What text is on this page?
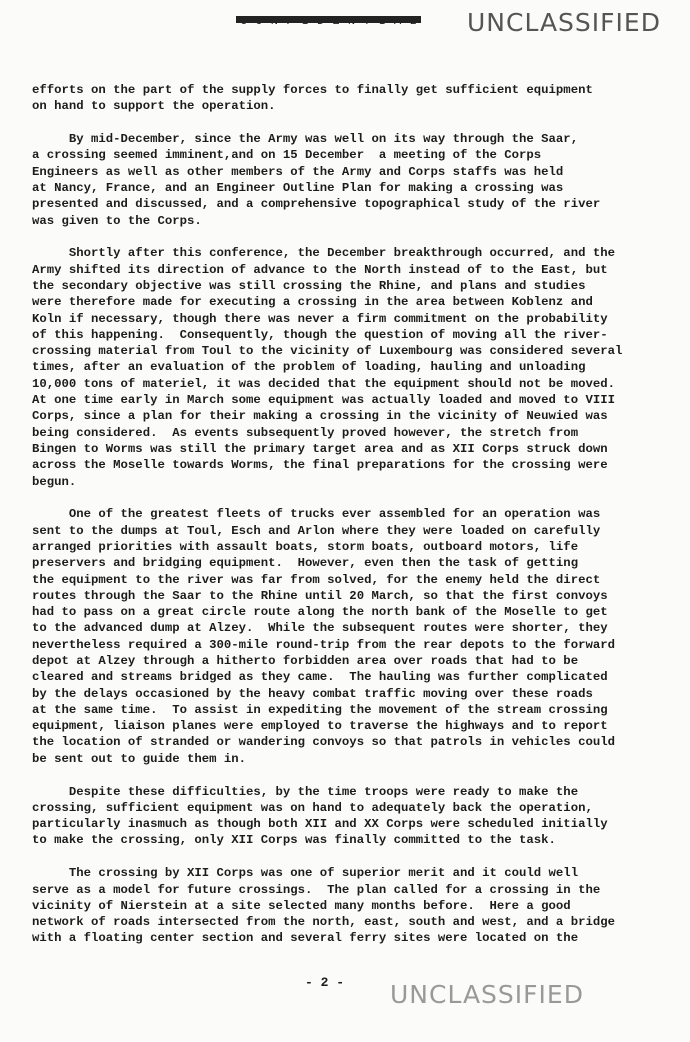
UNCLASSIFIED
efforts on the part of the supply forces to finally get sufficient equipment
on hand to support the operation.
By mid-December, since the Army was well on its way through the Saar,
a crossing seemed imminent,and on 15 December  a meeting of the Corps
Engineers as well as other members of the Army and Corps staffs was held
at Nancy, France, and an Engineer Outline Plan for making a crossing was
presented and discussed, and a comprehensive topographical study of the river
was given to the Corps.
Shortly after this conference, the December breakthrough occurred, and the
Army shifted its direction of advance to the North instead of to the East, but
the secondary objective was still crossing the Rhine, and plans and studies
were therefore made for executing a crossing in the area between Koblenz and
Koln if necessary, though there was never a firm commitment on the probability
of this happening.  Consequently, though the question of moving all the river-
crossing material from Toul to the vicinity of Luxembourg was considered several
times, after an evaluation of the problem of loading, hauling and unloading
10,000 tons of materiel, it was decided that the equipment should not be moved.
At one time early in March some equipment was actually loaded and moved to VIII
Corps, since a plan for their making a crossing in the vicinity of Neuwied was
being considered.  As events subsequently proved however, the stretch from
Bingen to Worms was still the primary target area and as XII Corps struck down
across the Moselle towards Worms, the final preparations for the crossing were
begun.
One of the greatest fleets of trucks ever assembled for an operation was
sent to the dumps at Toul, Esch and Arlon where they were loaded on carefully
arranged priorities with assault boats, storm boats, outboard motors, life
preservers and bridging equipment.  However, even then the task of getting
the equipment to the river was far from solved, for the enemy held the direct
routes through the Saar to the Rhine until 20 March, so that the first convoys
had to pass on a great circle route along the north bank of the Moselle to get
to the advanced dump at Alzey.  While the subsequent routes were shorter, they
nevertheless required a 300-mile round-trip from the rear depots to the forward
depot at Alzey through a hitherto forbidden area over roads that had to be
cleared and streams bridged as they came.  The hauling was further complicated
by the delays occasioned by the heavy combat traffic moving over these roads
at the same time.  To assist in expediting the movement of the stream crossing
equipment, liaison planes were employed to traverse the highways and to report
the location of stranded or wandering convoys so that patrols in vehicles could
be sent out to guide them in.
Despite these difficulties, by the time troops were ready to make the
crossing, sufficient equipment was on hand to adequately back the operation,
particularly inasmuch as though both XII and XX Corps were scheduled initially
to make the crossing, only XII Corps was finally committed to the task.
The crossing by XII Corps was one of superior merit and it could well
serve as a model for future crossings.  The plan called for a crossing in the
vicinity of Nierstein at a site selected many months before.  Here a good
network of roads intersected from the north, east, south and west, and a bridge
with a floating center section and several ferry sites were located on the
- 2 - UNCLASSIFIED
